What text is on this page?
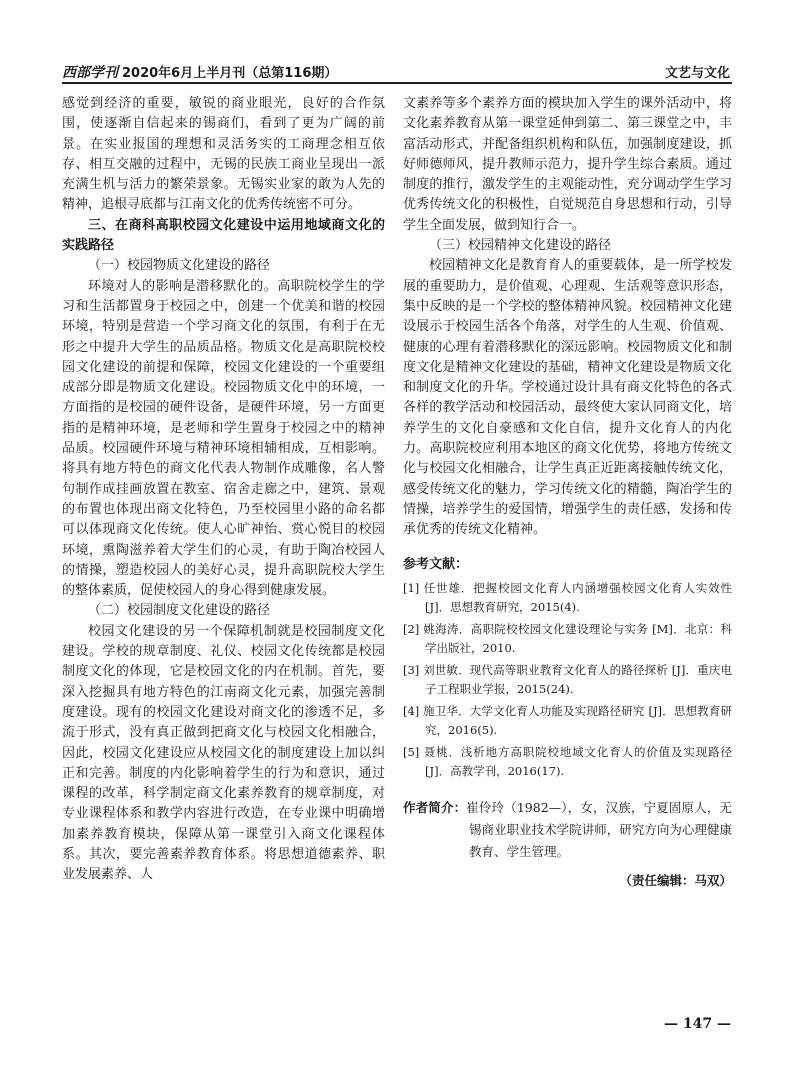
西部学刊 2020年6月上半月刊（总第116期）	文艺与文化

感觉到经济的重要，敏锐的商业眼光，良好的合作氛围，使逐渐自信起来的锡商们，看到了更为广阔的前景。在实业报国的理想和灵活务实的工商理念相互依存、相互交融的过程中，无锡的民族工商业呈现出一派充满生机与活力的繁荣景象。无锡实业家的敢为人先的精神，追根寻底都与江南文化的优秀传统密不可分。

三、在商科高职校园文化建设中运用地域商文化的实践路径

（一）校园物质文化建设的路径

环境对人的影响是潜移默化的。高职院校学生的学习和生活都置身于校园之中，创建一个优美和谐的校园环境，特别是营造一个学习商文化的氛围，有利于在无形之中提升大学生的品质品格。物质文化是高职院校校园文化建设的前提和保障，校园文化建设的一个重要组成部分即是物质文化建设。校园物质文化中的环境，一方面指的是校园的硬件设备，是硬件环境，另一方面更指的是精神环境，是老师和学生置身于校园之中的精神品质。校园硬件环境与精神环境相辅相成，互相影响。将具有地方特色的商文化代表人物制作成雕像，名人警句制作成挂画放置在教室、宿舍走廊之中，建筑、景观的布置也体现出商文化特色，乃至校园里小路的命名都可以体现商文化传统。使人心旷神怡、赏心悦目的校园环境，熏陶滋养着大学生们的心灵，有助于陶冶校园人的情操，塑造校园人的美好心灵，提升高职院校大学生的整体素质，促使校园人的身心得到健康发展。

（二）校园制度文化建设的路径

校园文化建设的另一个保障机制就是校园制度文化建设。学校的规章制度、礼仪、校园文化传统都是校园制度文化的体现，它是校园文化的内在机制。首先，要深入挖掘具有地方特色的江南商文化元素，加强完善制度建设。现有的校园文化建设对商文化的渗透不足，多流于形式，没有真正做到把商文化与校园文化相融合，因此，校园文化建设应从校园文化的制度建设上加以纠正和完善。制度的内化影响着学生的行为和意识，通过课程的改革，科学制定商文化素养教育的规章制度，对专业课程体系和教学内容进行改造，在专业课中明确增加素养教育模块，保障从第一课堂引入商文化课程体系。其次，要完善素养教育体系。将思想道德素养、职业发展素养、人

文素养等多个素养方面的模块加入学生的课外活动中，将文化素养教育从第一课堂延伸到第二、第三课堂之中，丰富活动形式，并配备组织机构和队伍，加强制度建设，抓好师德师风，提升教师示范力，提升学生综合素质。通过制度的推行，激发学生的主观能动性，充分调动学生学习优秀传统文化的积极性，自觉规范自身思想和行动，引导学生全面发展，做到知行合一。

（三）校园精神文化建设的路径

校园精神文化是教育育人的重要载体，是一所学校发展的重要助力，是价值观、心理观、生活观等意识形态，集中反映的是一个学校的整体精神风貌。校园精神文化建设展示于校园生活各个角落，对学生的人生观、价值观、健康的心理有着潜移默化的深远影响。校园物质文化和制度文化是精神文化建设的基础，精神文化建设是物质文化和制度文化的升华。学校通过设计具有商文化特色的各式各样的教学活动和校园活动，最终使大家认同商文化，培养学生的文化自豪感和文化自信，提升文化育人的内化力。高职院校应利用本地区的商文化优势，将地方传统文化与校园文化相融合，让学生真正近距离接触传统文化，感受传统文化的魅力，学习传统文化的精髓，陶冶学生的情操，培养学生的爱国情，增强学生的责任感，发扬和传承优秀的传统文化精神。

参考文献：

[1] 任世雄．把握校园文化育人内涵增强校园文化育人实效性[J]．思想教育研究，2015(4).
[2] 姚海涛．高职院校校园文化建设理论与实务 [M]．北京：科学出版社，2010.
[3] 刘世敏．现代高等职业教育文化育人的路径探析 [J]．重庆电子工程职业学报，2015(24).
[4] 施卫华．大学文化育人功能及实现路径研究 [J]．思想教育研究，2016(5).
[5] 聂桃．浅析地方高职院校地域文化育人的价值及实现路径 [J]．高教学刊，2016(17).
作者简介：崔伶玲（1982—），女，汉族，宁夏固原人，无锡商业职业技术学院讲师，研究方向为心理健康教育、学生管理。
（责任编辑：马双）
— 147 —
